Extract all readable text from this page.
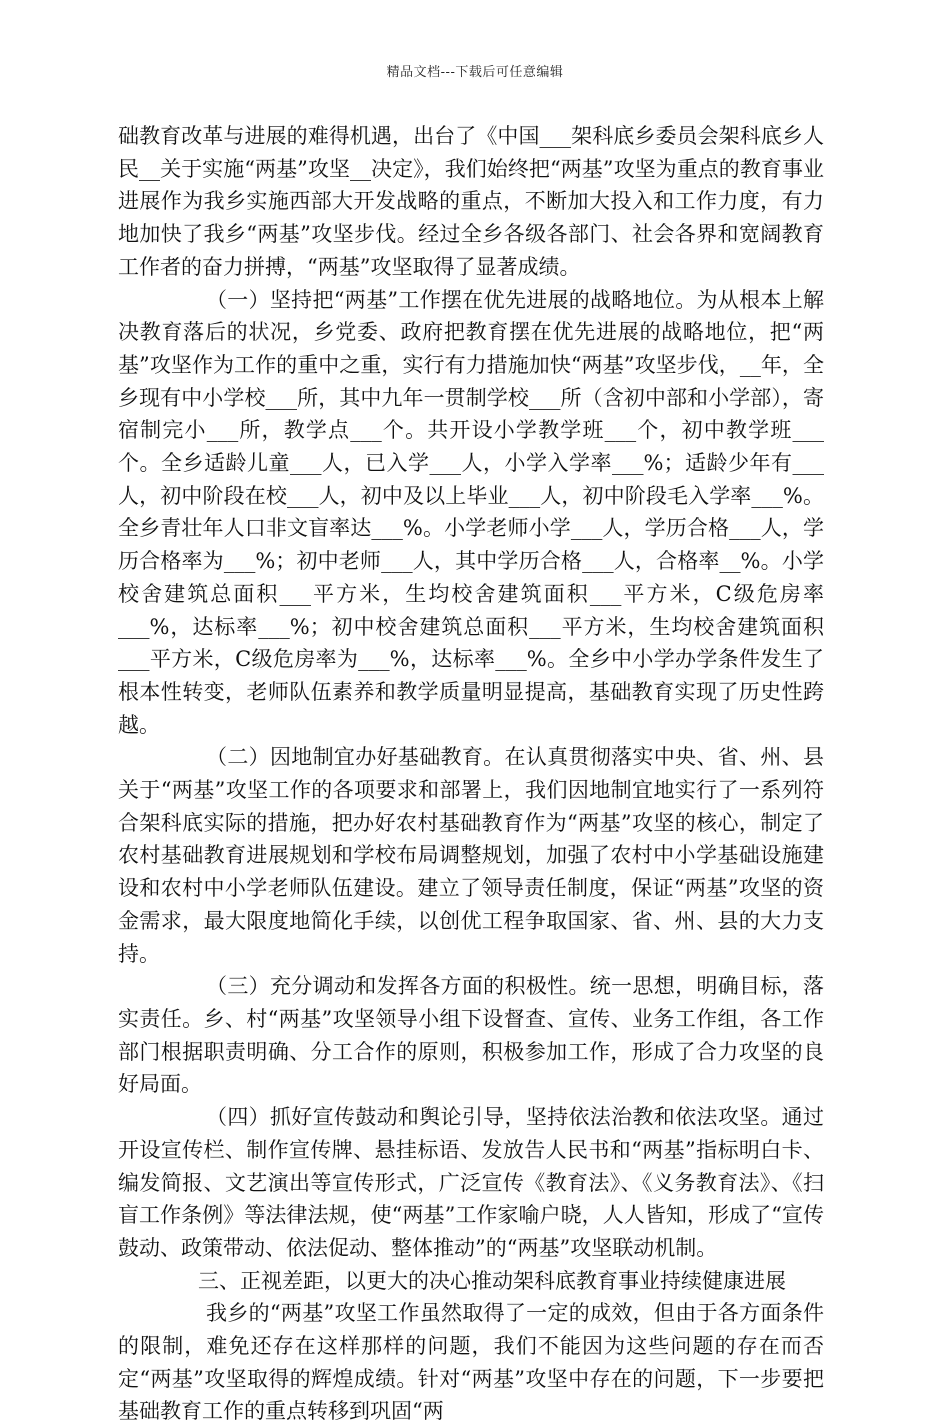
精品文档---下载后可任意编辑

础教育改革与进展的难得机遇，出台了《中国___架科底乡委员会架科底乡人民__关于实施“两基”攻坚__决定》，我们始终把“两基”攻坚为重点的教育事业进展作为我乡实施西部大开发战略的重点，不断加大投入和工作力度，有力地加快了我乡“两基”攻坚步伐。经过全乡各级各部门、社会各界和宽阔教育工作者的奋力拼搏，“两基”攻坚取得了显著成绩。

（一）坚持把“两基”工作摆在优先进展的战略地位。为从根本上解决教育落后的状况，乡党委、政府把教育摆在优先进展的战略地位，把“两基”攻坚作为工作的重中之重，实行有力措施加快“两基”攻坚步伐，__年，全乡现有中小学校___所，其中九年一贯制学校___所（含初中部和小学部），寄宿制完小___所，教学点___个。共开设小学教学班___个，初中教学班___个。全乡适龄儿童___人，已入学___人，小学入学率___%；适龄少年有___人，初中阶段在校___人，初中及以上毕业___人，初中阶段毛入学率___%。全乡青壮年人口非文盲率达___%。小学老师小学___人，学历合格___人，学历合格率为___%；初中老师___人，其中学历合格___人，合格率__%。小学校舍建筑总面积___平方米，生均校舍建筑面积___平方米，C级危房率___%，达标率___%；初中校舍建筑总面积___平方米，生均校舍建筑面积___平方米，C级危房率为___%，达标率___%。全乡中小学办学条件发生了根本性转变，老师队伍素养和教学质量明显提高，基础教育实现了历史性跨越。

（二）因地制宜办好基础教育。在认真贯彻落实中央、省、州、县关于“两基”攻坚工作的各项要求和部署上，我们因地制宜地实行了一系列符合架科底实际的措施，把办好农村基础教育作为“两基”攻坚的核心，制定了农村基础教育进展规划和学校布局调整规划，加强了农村中小学基础设施建设和农村中小学老师队伍建设。建立了领导责任制度，保证“两基”攻坚的资金需求，最大限度地简化手续，以创优工程争取国家、省、州、县的大力支持。

（三）充分调动和发挥各方面的积极性。统一思想，明确目标，落实责任。乡、村“两基”攻坚领导小组下设督查、宣传、业务工作组，各工作部门根据职责明确、分工合作的原则，积极参加工作，形成了合力攻坚的良好局面。

（四）抓好宣传鼓动和舆论引导，坚持依法治教和依法攻坚。通过开设宣传栏、制作宣传牌、悬挂标语、发放告人民书和“两基”指标明白卡、编发简报、文艺演出等宣传形式，广泛宣传《教育法》、《义务教育法》、《扫盲工作条例》等法律法规，使“两基”工作家喻户晓，人人皆知，形成了“宣传鼓动、政策带动、依法促动、整体推动”的“两基”攻坚联动机制。

三、正视差距，以更大的决心推动架科底教育事业持续健康进展

我乡的“两基”攻坚工作虽然取得了一定的成效，但由于各方面条件的限制，难免还存在这样那样的问题，我们不能因为这些问题的存在而否定“两基”攻坚取得的辉煌成绩。针对“两基”攻坚中存在的问题，下一步要把基础教育工作的重点转移到巩固“两
